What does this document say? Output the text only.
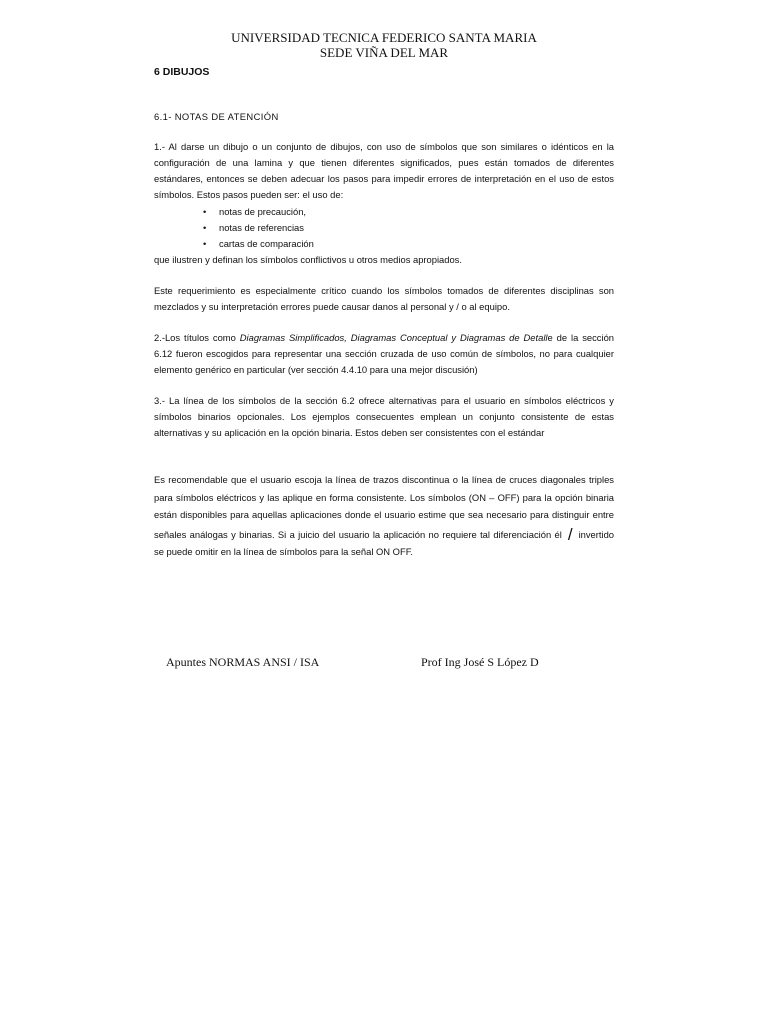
UNIVERSIDAD TECNICA FEDERICO SANTA MARIA
SEDE VIÑA DEL MAR
6 DIBUJOS
6.1- NOTAS DE ATENCIÓN

1.- Al darse un dibujo o un conjunto de dibujos, con uso de símbolos que son similares o idénticos en la configuración de una lamina y que tienen diferentes significados, pues están tomados de diferentes estándares, entonces se deben adecuar los pasos para impedir errores de interpretación en el uso de estos símbolos. Estos pasos pueden ser: el uso de:

• notas de precaución,
• notas de referencias
• cartas de comparación
que ilustren y definan los símbolos conflictivos u otros medios apropiados.
Este requerimiento es especialmente crítico cuando los símbolos tomados de diferentes disciplinas son mezclados y su interpretación errores puede causar danos al personal y / o al equipo.
2.-Los títulos como Diagramas Simplificados, Diagramas Conceptual y Diagramas de Detalle de la sección 6.12 fueron escogidos para representar una sección cruzada de uso común de símbolos, no para cualquier elemento genérico en particular (ver sección 4.4.10 para una mejor discusión)
3.- La línea de los símbolos de la sección 6.2 ofrece alternativas para el usuario en símbolos eléctricos y símbolos binarios opcionales. Los ejemplos consecuentes emplean un conjunto consistente de estas alternativas y su aplicación en la opción binaria. Estos deben ser consistentes con el estándar
Es recomendable que el usuario escoja la línea de trazos discontinua o la línea de cruces diagonales triples para símbolos eléctricos y las aplique en forma consistente. Los símbolos (ON – OFF) para la opción binaria están disponibles para aquellas aplicaciones donde el usuario estime que sea necesario para distinguir entre señales análogas y binarias. Si a juicio del usuario la aplicación no requiere tal diferenciación él / invertido se puede omitir en la línea de símbolos para la señal ON OFF.
Apuntes NORMAS ANSI / ISA	Prof Ing José S López D
